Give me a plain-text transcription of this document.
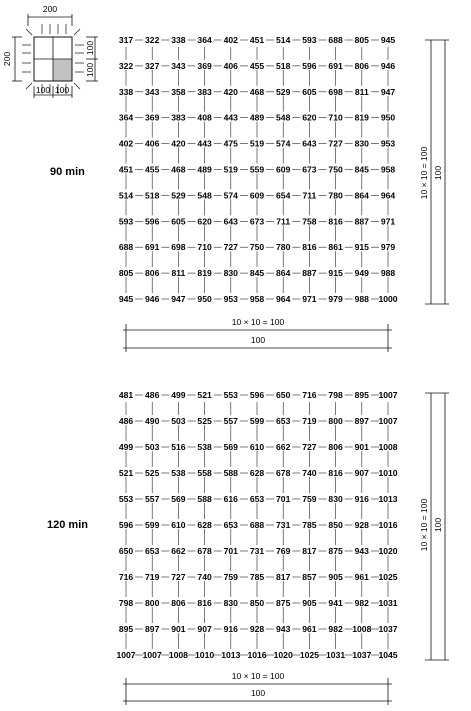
200
200
100
100
100 100
90 min
317 322 338 364 402 451 514 593 688 805 945
322 327 343 369 406 455 518 596 691 806 946
338 343 358 383 420 468 529 605 698 811 947
364 369 383 408 443 489 548 620 710 819 950
402 406 420 443 475 519 574 643 727 830 953
451 455 468 489 519 559 609 673 750 845 958
514 518 529 548 574 609 654 711 780 864 964
593 596 605 620 643 673 711 758 816 887 971
688 691 698 710 727 750 780 816 861 915 979
805 806 811 819 830 845 864 887 915 949 988
945 946 947 950 953 958 964 971 979 988 1000
10 × 10 = 100 100
10 × 10 = 100
100
120 min
481 486 499 521 553 596 650 716 798 895 1007
486 490 503 525 557 599 653 719 800 897 1007
499 503 516 538 569 610 662 727 806 901 1008
521 525 538 558 588 628 678 740 816 907 1010
553 557 569 588 616 653 701 759 830 916 1013
596 599 610 628 653 688 731 785 850 928 1016
650 653 662 678 701 731 769 817 875 943 1020
716 719 727 740 759 785 817 857 905 961 1025
798 800 806 816 830 850 875 905 941 982 1031
895 897 901 907 916 928 943 961 982 1008 1037
1007 1007 1008 1010 1013 1016 1020 1025 1031 1037 1045
10 × 10 = 100 100
10 × 10 = 100
100
